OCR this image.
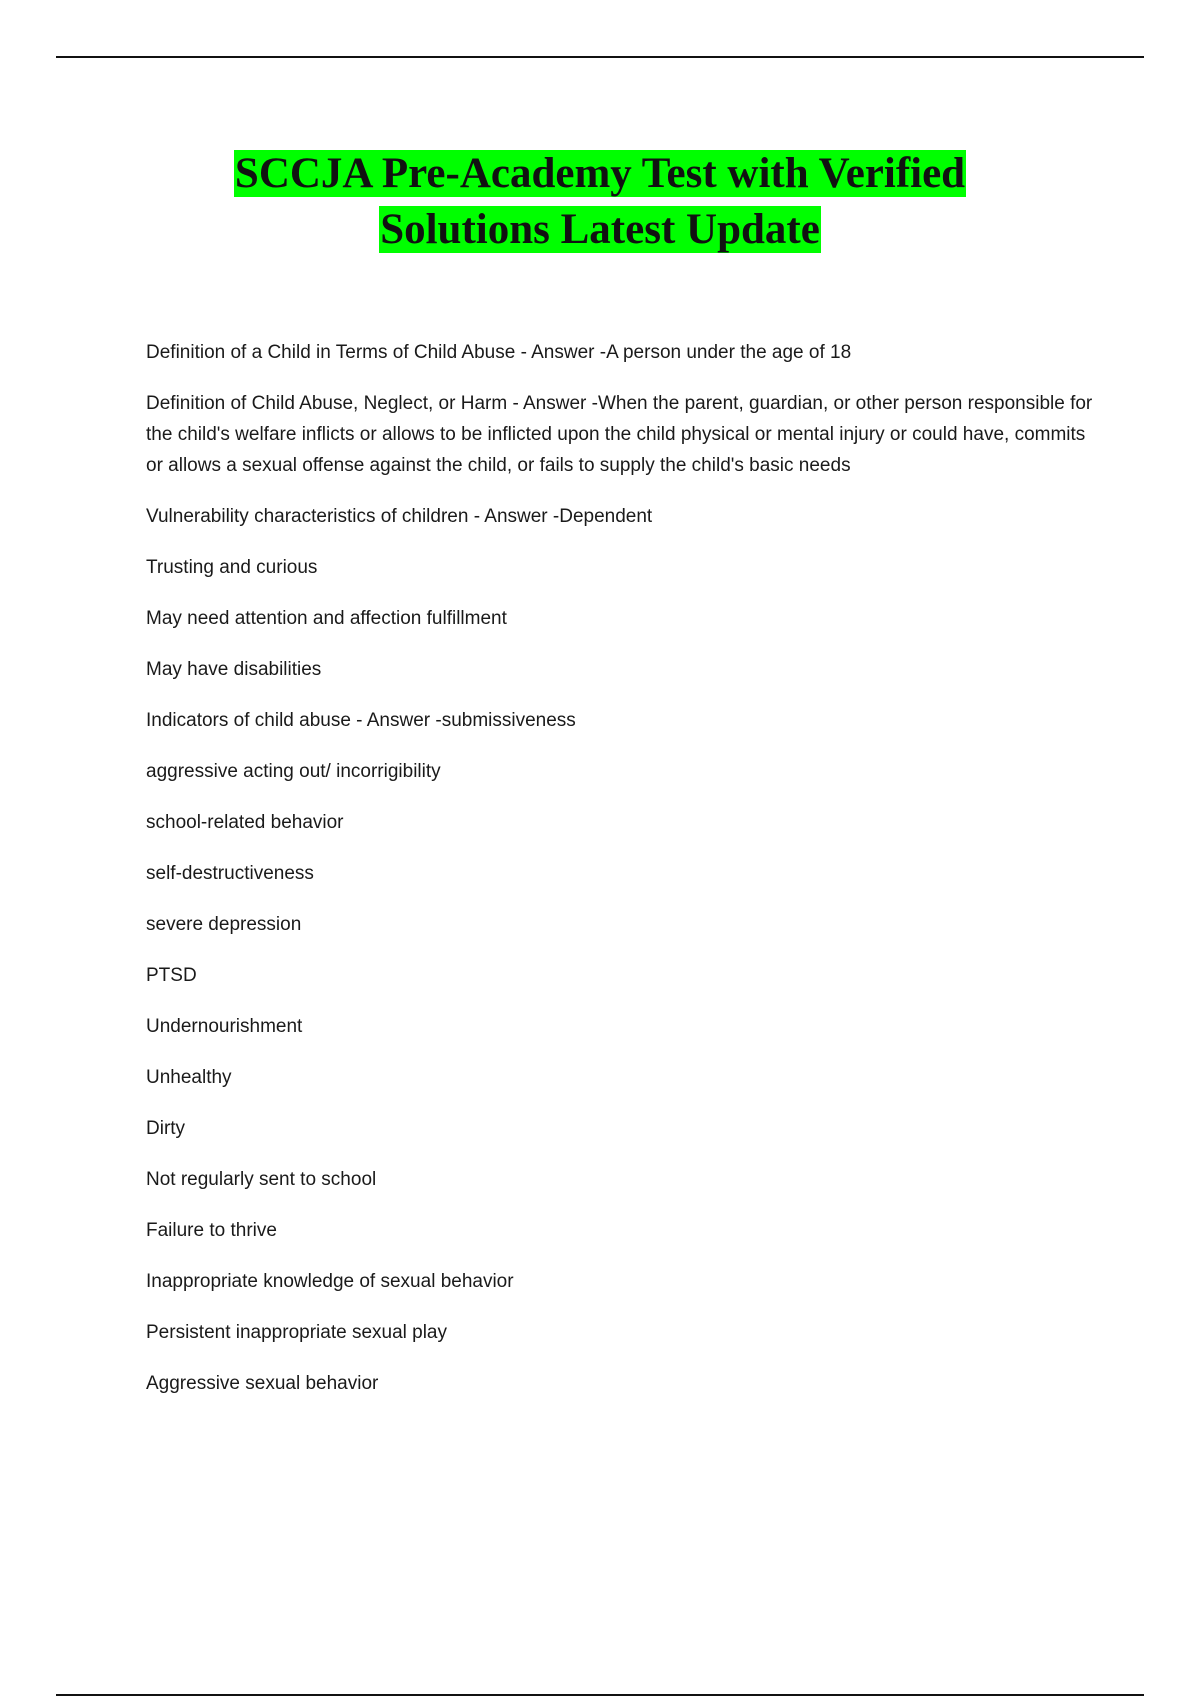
SCCJA Pre-Academy Test with Verified
Solutions Latest Update

Definition of a Child in Terms of Child Abuse - Answer -A person under the age of 18

Definition of Child Abuse, Neglect, or Harm - Answer -When the parent, guardian, or other person responsible for the child's welfare inflicts or allows to be inflicted upon the child physical or mental injury or could have, commits or allows a sexual offense against the child, or fails to supply the child's basic needs

Vulnerability characteristics of children - Answer -Dependent

Trusting and curious

May need attention and affection fulfillment

May have disabilities

Indicators of child abuse - Answer -submissiveness

aggressive acting out/ incorrigibility

school-related behavior

self-destructiveness

severe depression

PTSD

Undernourishment

Unhealthy

Dirty

Not regularly sent to school

Failure to thrive

Inappropriate knowledge of sexual behavior

Persistent inappropriate sexual play

Aggressive sexual behavior
